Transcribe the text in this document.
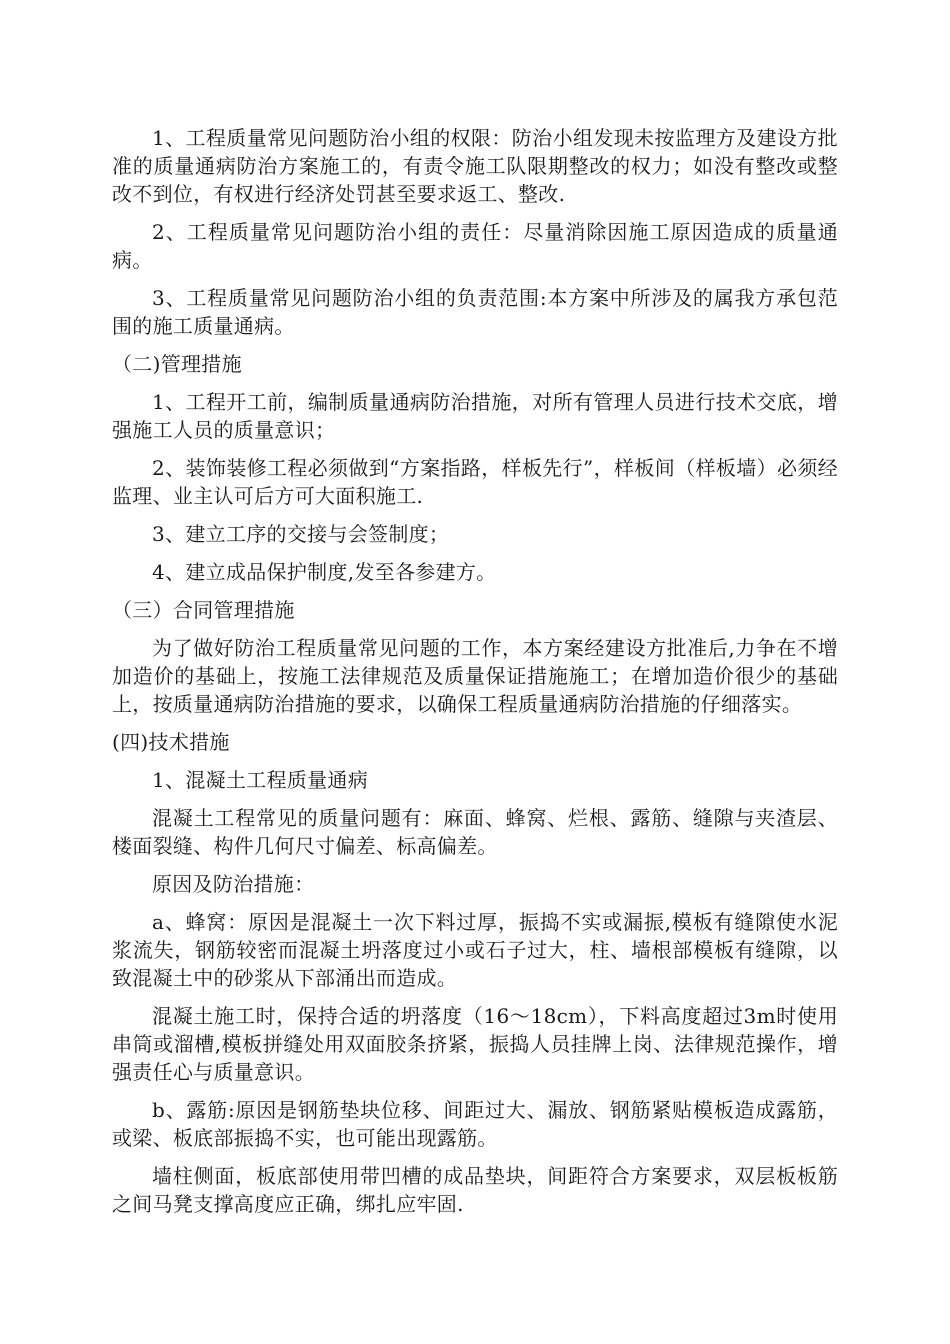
1、工程质量常见问题防治小组的权限：防治小组发现未按监理方及建设方批准的质量通病防治方案施工的，有责令施工队限期整改的权力；如没有整改或整改不到位，有权进行经济处罚甚至要求返工、整改.

2、工程质量常见问题防治小组的责任：尽量消除因施工原因造成的质量通病。

3、工程质量常见问题防治小组的负责范围:本方案中所涉及的属我方承包范围的施工质量通病。

（二)管理措施

1、工程开工前，编制质量通病防治措施，对所有管理人员进行技术交底，增强施工人员的质量意识；

2、装饰装修工程必须做到“方案指路，样板先行”，样板间（样板墙）必须经监理、业主认可后方可大面积施工.

3、建立工序的交接与会签制度；

4、建立成品保护制度,发至各参建方。

（三）合同管理措施

为了做好防治工程质量常见问题的工作，本方案经建设方批准后,力争在不增加造价的基础上，按施工法律规范及质量保证措施施工；在增加造价很少的基础上，按质量通病防治措施的要求，以确保工程质量通病防治措施的仔细落实。

(四)技术措施

1、混凝土工程质量通病

混凝土工程常见的质量问题有：麻面、蜂窝、烂根、露筋、缝隙与夹渣层、楼面裂缝、构件几何尺寸偏差、标高偏差。

原因及防治措施：

a、蜂窝：原因是混凝土一次下料过厚，振捣不实或漏振,模板有缝隙使水泥浆流失，钢筋较密而混凝土坍落度过小或石子过大，柱、墙根部模板有缝隙，以致混凝土中的砂浆从下部涌出而造成。

混凝土施工时，保持合适的坍落度（16～18cm），下料高度超过3m时使用串筒或溜槽,模板拼缝处用双面胶条挤紧，振捣人员挂牌上岗、法律规范操作，增强责任心与质量意识。

b、露筋:原因是钢筋垫块位移、间距过大、漏放、钢筋紧贴模板造成露筋，或梁、板底部振捣不实，也可能出现露筋。

墙柱侧面，板底部使用带凹槽的成品垫块，间距符合方案要求，双层板板筋之间马凳支撑高度应正确，绑扎应牢固.
